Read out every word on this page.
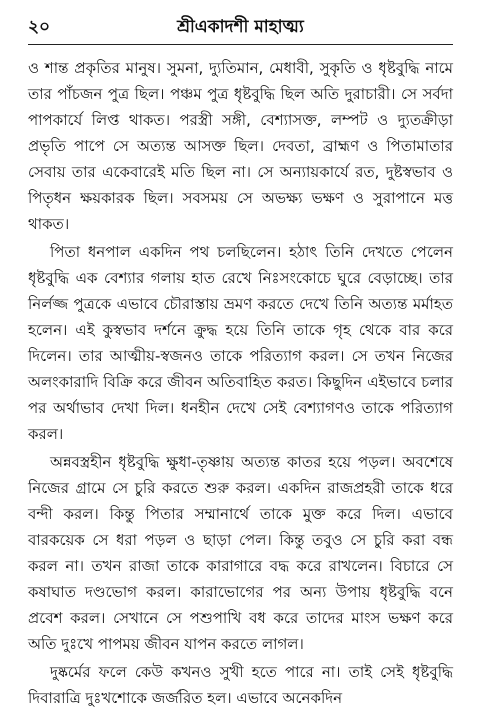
২০	শ্রীএকাদশী মাহাত্ম্য

ও শান্ত প্রকৃতির মানুষ। সুমনা, দ্যুতিমান, মেধাবী, সুকৃতি ও ধৃষ্টবুদ্ধি নামে তার পাঁচজন পুত্র ছিল। পঞ্চম পুত্র ধৃষ্টবুদ্ধি ছিল অতি দুরাচারী। সে সর্বদা পাপকার্যে লিপ্ত থাকত। পরস্ত্রী সঙ্গী, বেশ্যাসক্ত, লম্পট ও দ্যুতক্রীড়া প্রভৃতি পাপে সে অত্যন্ত আসক্ত ছিল। দেবতা, ব্রাহ্মণ ও পিতামাতার সেবায় তার একেবারেই মতি ছিল না। সে অন্যায়কার্যে রত, দুষ্টস্বভাব ও পিতৃধন ক্ষয়কারক ছিল। সবসময় সে অভক্ষ্য ভক্ষণ ও সুরাপানে মত্ত থাকত।

পিতা ধনপাল একদিন পথ চলছিলেন। হঠাৎ তিনি দেখতে পেলেন ধৃষ্টবুদ্ধি এক বেশ্যার গলায় হাত রেখে নিঃসংকোচে ঘুরে বেড়াচ্ছে। তার নির্লজ্জ পুত্রকে এভাবে চৌরাস্তায় ভ্রমণ করতে দেখে তিনি অত্যন্ত মর্মাহত হলেন। এই কুস্বভাব দর্শনে ক্রুদ্ধ হয়ে তিনি তাকে গৃহ থেকে বার করে দিলেন। তার আত্মীয়-স্বজনও তাকে পরিত্যাগ করল। সে তখন নিজের অলংকারাদি বিক্রি করে জীবন অতিবাহিত করত। কিছুদিন এইভাবে চলার পর অর্থাভাব দেখা দিল। ধনহীন দেখে সেই বেশ্যাগণও তাকে পরিত্যাগ করল।

অন্নবস্ত্রহীন ধৃষ্টবুদ্ধি ক্ষুধা-তৃষ্ণায় অত্যন্ত কাতর হয়ে পড়ল। অবশেষে নিজের গ্রামে সে চুরি করতে শুরু করল। একদিন রাজপ্রহরী তাকে ধরে বন্দী করল। কিন্তু পিতার সম্মানার্থে তাকে মুক্ত করে দিল। এভাবে বারকয়েক সে ধরা পড়ল ও ছাড়া পেল। কিন্তু তবুও সে চুরি করা বন্ধ করল না। তখন রাজা তাকে কারাগারে বদ্ধ করে রাখলেন। বিচারে সে কষাঘাত দণ্ডভোগ করল। কারাভোগের পর অন্য উপায় ধৃষ্টবুদ্ধি বনে প্রবেশ করল। সেখানে সে পশুপাখি বধ করে তাদের মাংস ভক্ষণ করে অতি দুঃখে পাপময় জীবন যাপন করতে লাগল।

দুষ্কর্মের ফলে কেউ কখনও সুখী হতে পারে না। তাই সেই ধৃষ্টবুদ্ধি দিবারাত্রি দুঃখশোকে জর্জরিত হল। এভাবে অনেকদিন
